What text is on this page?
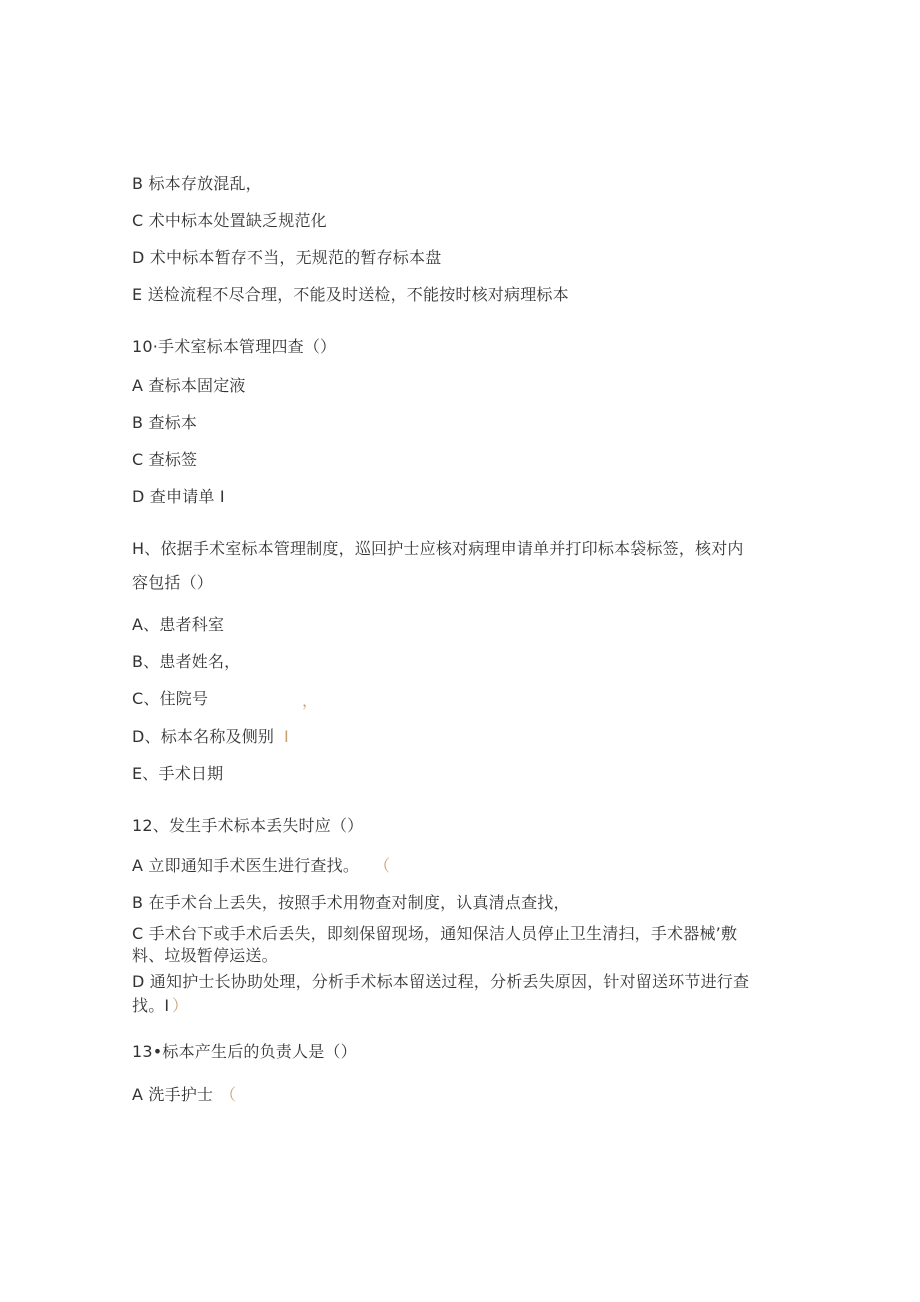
B 标本存放混乱，
C 术中标本处置缺乏规范化
D 术中标本暂存不当，无规范的暂存标本盘
E 送检流程不尽合理，不能及时送检，不能按时核对病理标本
10·手术室标本管理四查（）
A 查标本固定液
B 查标本
C 查标签
D 查申请单 I
H、依据手术室标本管理制度，巡回护士应核对病理申请单并打印标本袋标签，核对内
容包括（）
A、患者科室
B、患者姓名，
C、住院号	，
D、标本名称及侧别 I
E、手术日期
12、发生手术标本丢失时应（）
A 立即通知手术医生进行查找。 （
B 在手术台上丢失，按照手术用物查对制度，认真清点查找，
C 手术台下或手术后丢失，即刻保留现场，通知保洁人员停止卫生清扫，手术器械’敷
料、垃圾暂停运送。
D 通知护士长协助处理，分析手术标本留送过程，分析丢失原因，针对留送环节进行查
找。I ）
13•标本产生后的负责人是（）
A 洗手护士 （
